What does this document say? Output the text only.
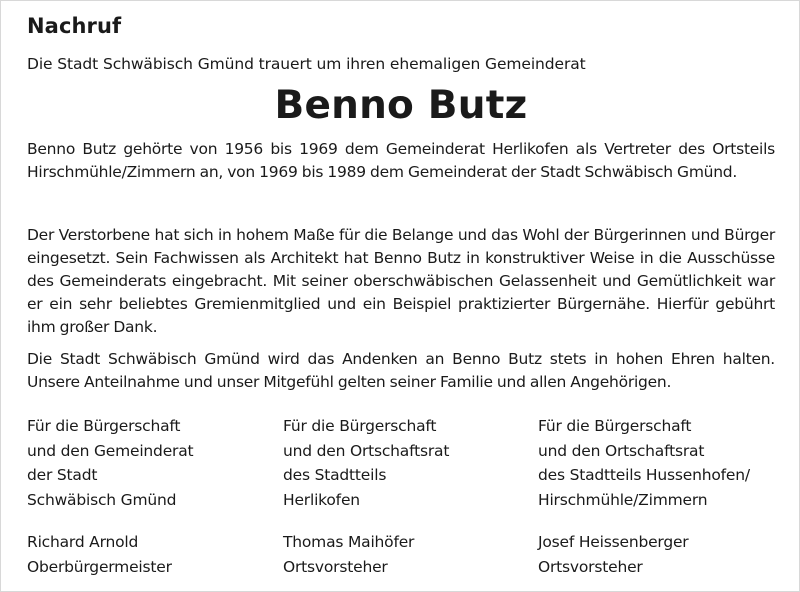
Nachruf
Die Stadt Schwäbisch Gmünd trauert um ihren ehemaligen Gemeinderat
Benno Butz
Benno Butz gehörte von 1956 bis 1969 dem Gemeinderat Herlikofen als Vertreter des Ortsteils Hirschmühle/Zimmern an, von 1969 bis 1989 dem Gemeinderat der Stadt Schwäbisch Gmünd.
Der Verstorbene hat sich in hohem Maße für die Belange und das Wohl der Bürgerinnen und Bürger eingesetzt. Sein Fachwissen als Architekt hat Benno Butz in konstruktiver Weise in die Ausschüsse des Gemeinderats eingebracht. Mit seiner oberschwäbischen Gelassenheit und Gemütlichkeit war er ein sehr beliebtes Gremienmitglied und ein Beispiel praktizierter Bürgernähe. Hierfür gebührt ihm großer Dank.
Die Stadt Schwäbisch Gmünd wird das Andenken an Benno Butz stets in hohen Ehren halten. Unsere Anteilnahme und unser Mitgefühl gelten seiner Familie und allen Angehörigen.
Für die Bürgerschaft
und den Gemeinderat
der Stadt
Schwäbisch Gmünd
Für die Bürgerschaft
und den Ortschaftsrat
des Stadtteils
Herlikofen
Für die Bürgerschaft
und den Ortschaftsrat
des Stadtteils Hussenhofen/
Hirschmühle/Zimmern
Richard Arnold
Oberbürgermeister
Thomas Maihöfer
Ortsvorsteher
Josef Heissenberger
Ortsvorsteher
